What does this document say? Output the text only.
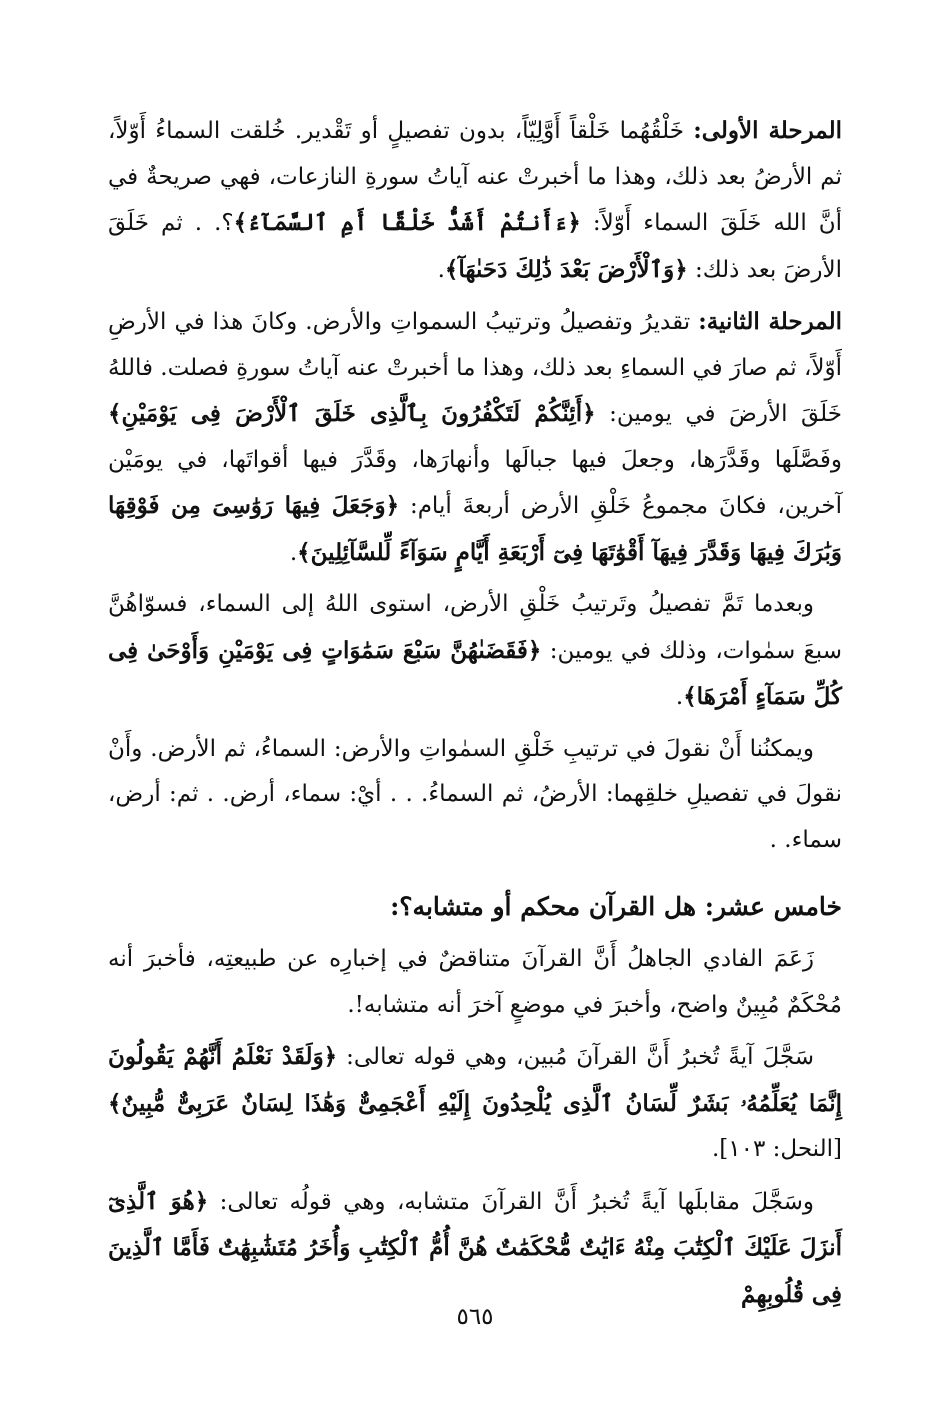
المرحلة الأولى: خَلْقُهُما خَلْقاً أَوَّلِيّاً، بدون تفصيلٍ أو تَقْدير. خُلقت السماءُ أَوّلاً، ثم الأرضُ بعد ذلك، وهذا ما أخبرتْ عنه آياتُ سورةِ النازعات، فهي صريحةٌ في أنَّ الله خَلَقَ السماء أَوّلاً: ﴿ءَأَنتُمْ أَشَدُّ خَلْقًا أَمِ ٱلسَّمَآءُ﴾؟. . ثم خَلَقَ الأرضَ بعد ذلك: ﴿وَٱلْأَرْضَ بَعْدَ ذَٰلِكَ دَحَىٰهَآ﴾.

المرحلة الثانية: تقديرُ وتفصيلُ وترتيبُ السمواتِ والأرض. وكانَ هذا في الأرضِ أَوّلاً، ثم صارَ في السماءِ بعد ذلك، وهذا ما أخبرتْ عنه آياتُ سورةِ فصلت. فاللهُ خَلَقَ الأرضَ في يومين: ﴿أَئِنَّكُمْ لَتَكْفُرُونَ بِٱلَّذِى خَلَقَ ٱلْأَرْضَ فِى يَوْمَيْنِ﴾ وفَصَّلَها وقَدَّرَها، وجعلَ فيها جبالَها وأنهارَها، وقَدَّرَ فيها أقواتَها، في يومَيْن آخرين، فكانَ مجموعُ خَلْقِ الأرض أربعةَ أيام: ﴿وَجَعَلَ فِيهَا رَوَٰسِىَ مِن فَوْقِهَا وَبَٰرَكَ فِيهَا وَقَدَّرَ فِيهَآ أَقْوَٰتَهَا فِىٓ أَرْبَعَةِ أَيَّامٍ سَوَآءً لِّلسَّآئِلِينَ﴾.

وبعدما تَمَّ تفصيلُ وتَرتيبُ خَلْقِ الأرض، استوى اللهُ إلى السماء، فسوّاهُنَّ سبعَ سمٰوات، وذلك في يومين: ﴿فَقَضَىٰهُنَّ سَبْعَ سَمَٰوَاتٍ فِى يَوْمَيْنِ وَأَوْحَىٰ فِى كُلِّ سَمَآءٍ أَمْرَهَا﴾.

ويمكنُنا أَنْ نقولَ في ترتيبِ خَلْقِ السمٰواتِ والأرض: السماءُ، ثم الأرض. وأَنْ نقولَ في تفصيلِ خلقِهما: الأرضُ، ثم السماءُ. . . أيْ: سماء، أرض. . ثم: أرض، سماء. .

خامس عشر: هل القرآن محكم أو متشابه؟:

زَعَمَ الفادي الجاهلُ أَنَّ القرآنَ متناقضٌ في إخبارِه عن طبيعتِه، فأخبرَ أنه مُحْكَمٌ مُبِينٌ واضح، وأخبرَ في موضعٍ آخرَ أنه متشابه!.

سَجَّلَ آيةً تُخبرُ أَنَّ القرآنَ مُبين، وهي قوله تعالى: ﴿وَلَقَدْ نَعْلَمُ أَنَّهُمْ يَقُولُونَ إِنَّمَا يُعَلِّمُهُۥ بَشَرٌ لِّسَانُ ٱلَّذِى يُلْحِدُونَ إِلَيْهِ أَعْجَمِىٌّ وَهَٰذَا لِسَانٌ عَرَبِىٌّ مُّبِينٌ﴾ [النحل: ١٠٣].

وسَجَّلَ مقابلَها آيةً تُخبرُ أَنَّ القرآنَ متشابه، وهي قولُه تعالى: ﴿هُوَ ٱلَّذِىٓ أَنزَلَ عَلَيْكَ ٱلْكِتَٰبَ مِنْهُ ءَايَٰتٌ مُّحْكَمَٰتٌ هُنَّ أُمُّ ٱلْكِتَٰبِ وَأُخَرُ مُتَشَٰبِهَٰتٌ فَأَمَّا ٱلَّذِينَ فِى قُلُوبِهِمْ

٥٦٥
